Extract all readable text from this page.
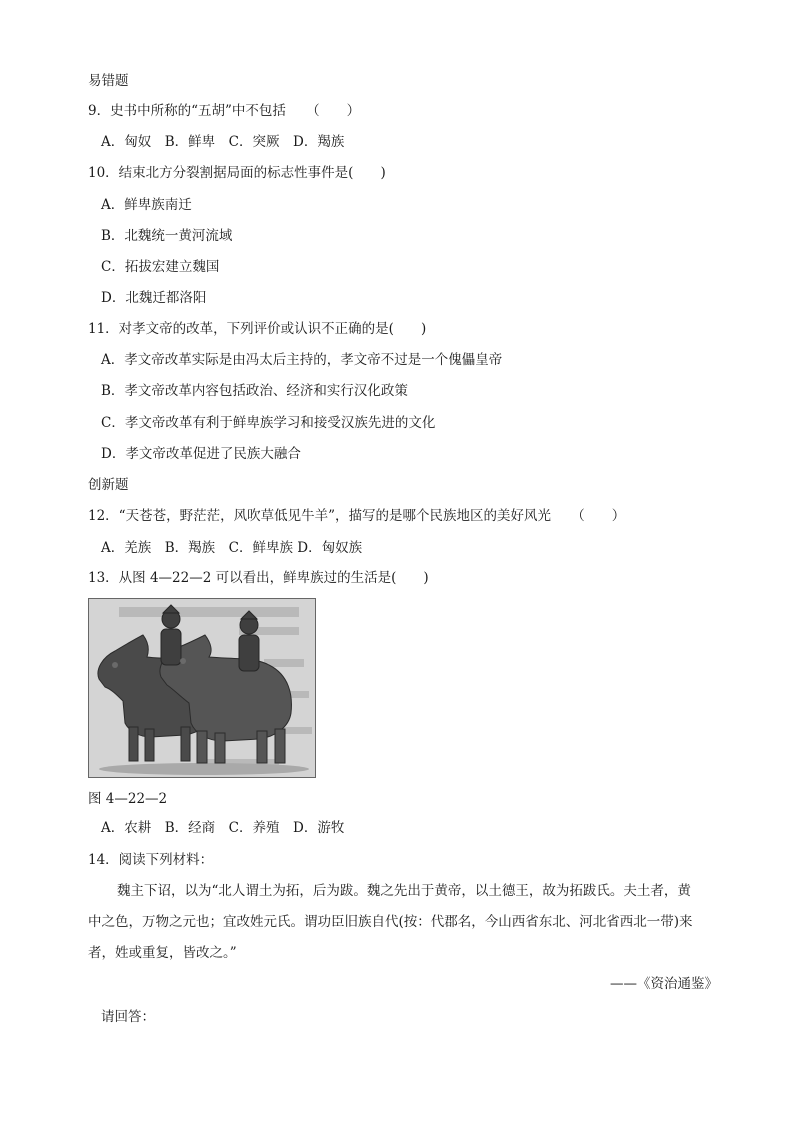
易错题
9．史书中所称的“五胡”中不包括　　（　　）
A．匈奴　B．鲜卑　C．突厥　D．羯族
10．结束北方分裂割据局面的标志性事件是(　　)
A．鲜卑族南迁
B．北魏统一黄河流域
C．拓拔宏建立魏国
D．北魏迁都洛阳
11．对孝文帝的改革，下列评价或认识不正确的是(　　)
A．孝文帝改革实际是由冯太后主持的，孝文帝不过是一个傀儡皇帝
B．孝文帝改革内容包括政治、经济和实行汉化政策
C．孝文帝改革有利于鲜卑族学习和接受汉族先进的文化
D．孝文帝改革促进了民族大融合
创新题
12．“天苍苍，野茫茫，风吹草低见牛羊”，描写的是哪个民族地区的美好风光　　（　　）
A．羌族　B．羯族　C．鲜卑族 D．匈奴族
13．从图 4—22—2 可以看出，鲜卑族过的生活是(　　)
图 4—22—2
A．农耕　B．经商　C．养殖　D．游牧
14．阅读下列材料：
魏主下诏，以为“北人谓土为拓，后为跋。魏之先出于黄帝，以土德王，故为拓跋氏。夫土者，黄
中之色，万物之元也；宜改姓元氏。谓功臣旧族自代(按：代郡名，今山西省东北、河北省西北一带)来
者，姓或重复，皆改之。”
——《资治通鉴》
请回答：
